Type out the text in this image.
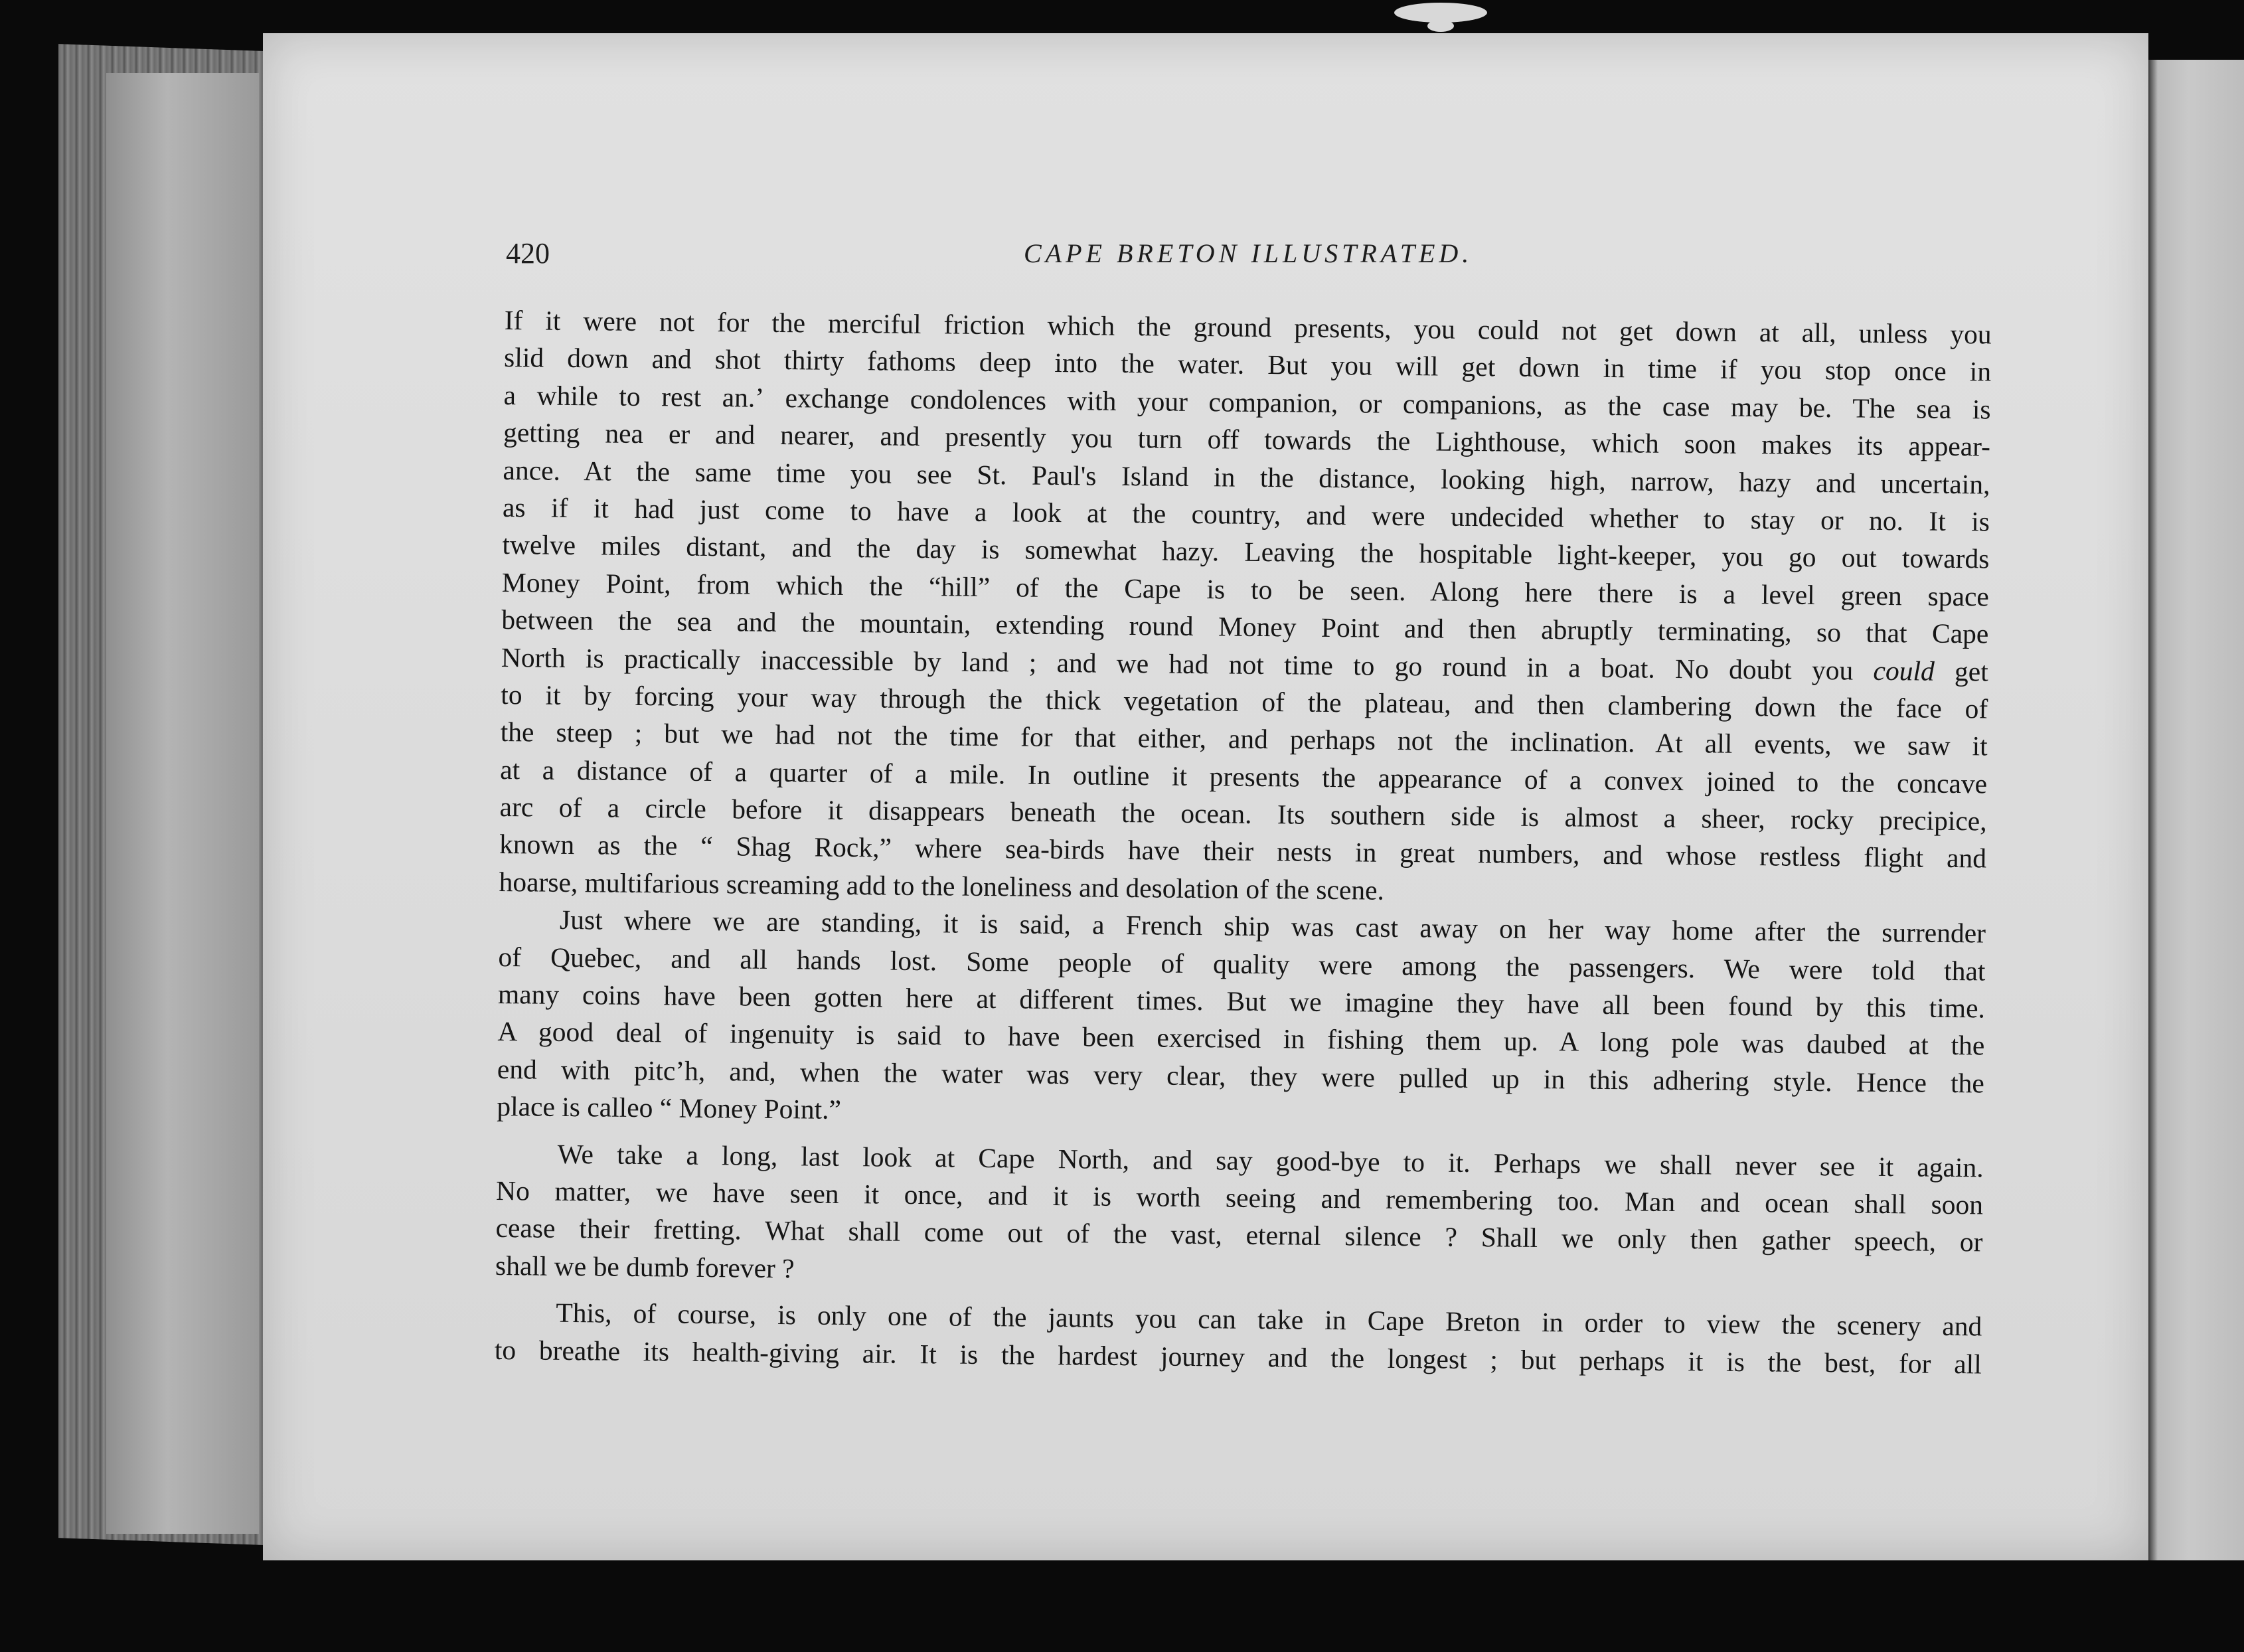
420	CAPE BRETON ILLUSTRATED.
If it were not for the merciful friction which the ground presents, you could not get down at all, unless you
slid down and shot thirty fathoms deep into the water. But you will get down in time if you stop once in
a while to rest an.ʼ exchange condolences with your companion, or companions, as the case may be. The sea is
getting nea er and nearer, and presently you turn off towards the Lighthouse, which soon makes its appear-
ance. At the same time you see St. Paul's Island in the distance, looking high, narrow, hazy and uncertain,
as if it had just come to have a look at the country, and were undecided whether to stay or no. It is
twelve miles distant, and the day is somewhat hazy. Leaving the hospitable light-keeper, you go out towards
Money Point, from which the “hill” of the Cape is to be seen. Along here there is a level green space
between the sea and the mountain, extending round Money Point and then abruptly terminating, so that Cape
North is practically inaccessible by land ; and we had not time to go round in a boat. No doubt you could get
to it by forcing your way through the thick vegetation of the plateau, and then clambering down the face of
the steep ; but we had not the time for that either, and perhaps not the inclination. At all events, we saw it
at a distance of a quarter of a mile. In outline it presents the appearance of a convex joined to the concave
arc of a circle before it disappears beneath the ocean. Its southern side is almost a sheer, rocky precipice,
known as the “ Shag Rock,” where sea-birds have their nests in great numbers, and whose restless flight and
hoarse, multifarious screaming add to the loneliness and desolation of the scene.
Just where we are standing, it is said, a French ship was cast away on her way home after the surrender
of Quebec, and all hands lost. Some people of quality were among the passengers. We were told that
many coins have been gotten here at different times. But we imagine they have all been found by this time.
A good deal of ingenuity is said to have been exercised in fishing them up. A long pole was daubed at the
end with pitcʼh, and, when the water was very clear, they were pulled up in this adhering style. Hence the
place is calleᴏ “ Money Point.”
We take a long, last look at Cape North, and say good-bye to it. Perhaps we shall never see it again.
No matter, we have seen it once, and it is worth seeing and remembering too. Man and ocean shall soon
cease their fretting. What shall come out of the vast, eternal silence ? Shall we only then gather speech, or
shall we be dumb forever ?
This, of course, is only one of the jaunts you can take in Cape Breton in order to view the scenery and
to breathe its health-giving air. It is the hardest journey and the longest ; but perhaps it is the best, for all
